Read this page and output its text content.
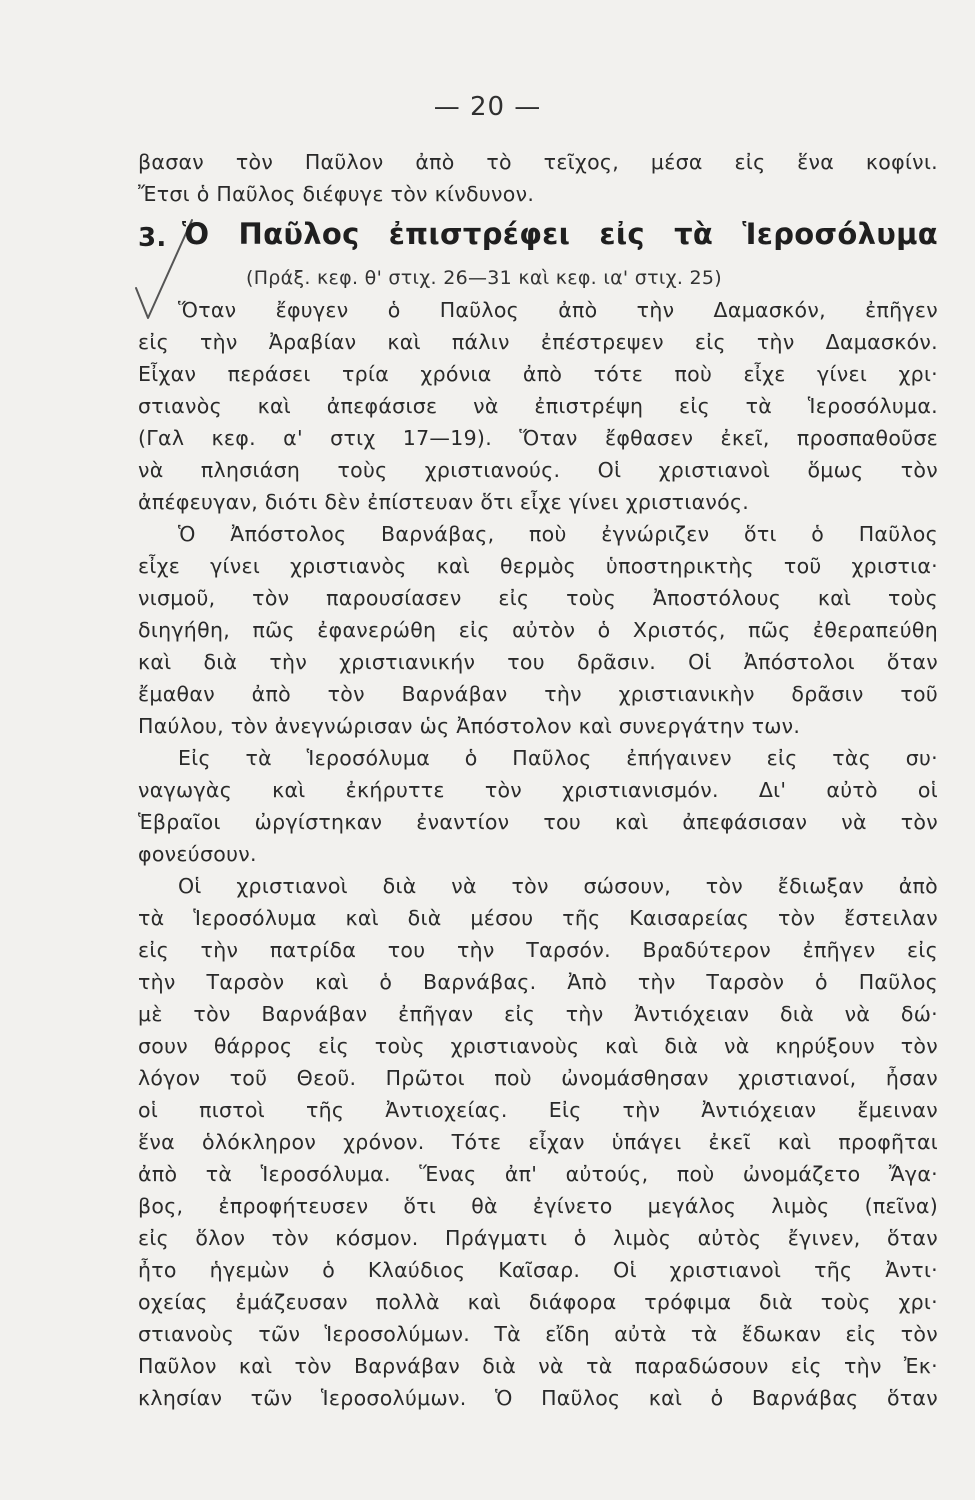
— 20 —
βασαν τὸν Παῦλον ἀπὸ τὸ τεῖχος, μέσα εἰς ἕνα κοφίνι.
Ἔτσι ὁ Παῦλος διέφυγε τὸν κίνδυνον.
3. Ὁ Παῦλος ἐπιστρέφει εἰς τὰ Ἱεροσόλυμα
(Πράξ. κεφ. θ' στιχ. 26—31 καὶ κεφ. ια' στιχ. 25)
Ὅταν ἔφυγεν ὁ Παῦλος ἀπὸ τὴν Δαμασκόν, ἐπῆγεν
εἰς τὴν Ἀραβίαν καὶ πάλιν ἐπέστρεψεν εἰς τὴν Δαμασκόν.
Εἶχαν περάσει τρία χρόνια ἀπὸ τότε ποὺ εἶχε γίνει χρι·
στιανὸς καὶ ἀπεφάσισε νὰ ἐπιστρέψη εἰς τὰ Ἱεροσόλυμα.
(Γαλ κεφ. α' στιχ 17—19). Ὅταν ἔφθασεν ἐκεῖ, προσπαθοῦσε
νὰ πλησιάση τοὺς χριστιανούς. Οἱ χριστιανοὶ ὅμως τὸν
ἀπέφευγαν, διότι δὲν ἐπίστευαν ὅτι εἶχε γίνει χριστιανός.
Ὁ Ἀπόστολος Βαρνάβας, ποὺ ἐγνώριζεν ὅτι ὁ Παῦλος
εἶχε γίνει χριστιανὸς καὶ θερμὸς ὑποστηρικτὴς τοῦ χριστια·
νισμοῦ, τὸν παρουσίασεν εἰς τοὺς Ἀποστόλους καὶ τοὺς
διηγήθη, πῶς ἐφανερώθη εἰς αὐτὸν ὁ Χριστός, πῶς ἐθεραπεύθη
καὶ διὰ τὴν χριστιανικήν του δρᾶσιν. Οἱ Ἀπόστολοι ὅταν
ἔμαθαν ἀπὸ τὸν Βαρνάβαν τὴν χριστιανικὴν δρᾶσιν τοῦ
Παύλου, τὸν ἀνεγνώρισαν ὡς Ἀπόστολον καὶ συνεργάτην των.
Εἰς τὰ Ἱεροσόλυμα ὁ Παῦλος ἐπήγαινεν εἰς τὰς συ·
ναγωγὰς καὶ ἐκήρυττε τὸν χριστιανισμόν. Δι' αὐτὸ οἱ
Ἑβραῖοι ὠργίστηκαν ἐναντίον του καὶ ἀπεφάσισαν νὰ τὸν
φονεύσουν.
Οἱ χριστιανοὶ διὰ νὰ τὸν σώσουν, τὸν ἔδιωξαν ἀπὸ
τὰ Ἱεροσόλυμα καὶ διὰ μέσου τῆς Καισαρείας τὸν ἔστειλαν
εἰς τὴν πατρίδα του τὴν Ταρσόν. Βραδύτερον ἐπῆγεν εἰς
τὴν Ταρσὸν καὶ ὁ Βαρνάβας. Ἀπὸ τὴν Ταρσὸν ὁ Παῦλος
μὲ τὸν Βαρνάβαν ἐπῆγαν εἰς τὴν Ἀντιόχειαν διὰ νὰ δώ·
σουν θάρρος εἰς τοὺς χριστιανοὺς καὶ διὰ νὰ κηρύξουν τὸν
λόγον τοῦ Θεοῦ. Πρῶτοι ποὺ ὠνομάσθησαν χριστιανοί, ἦσαν
οἱ πιστοὶ τῆς Ἀντιοχείας. Εἰς τὴν Ἀντιόχειαν ἔμειναν
ἕνα ὁλόκληρον χρόνον. Τότε εἶχαν ὑπάγει ἐκεῖ καὶ προφῆται
ἀπὸ τὰ Ἱεροσόλυμα. Ἕνας ἀπ' αὐτούς, ποὺ ὠνομάζετο Ἄγα·
βος, ἐπροφήτευσεν ὅτι θὰ ἐγίνετο μεγάλος λιμὸς (πεῖνα)
εἰς ὅλον τὸν κόσμον. Πράγματι ὁ λιμὸς αὐτὸς ἔγινεν, ὅταν
ἦτο ἡγεμὼν ὁ Κλαύδιος Καῖσαρ. Οἱ χριστιανοὶ τῆς Ἀντι·
οχείας ἐμάζευσαν πολλὰ καὶ διάφορα τρόφιμα διὰ τοὺς χρι·
στιανοὺς τῶν Ἱεροσολύμων. Τὰ εἴδη αὐτὰ τὰ ἔδωκαν εἰς τὸν
Παῦλον καὶ τὸν Βαρνάβαν διὰ νὰ τὰ παραδώσουν εἰς τὴν Ἐκ·
κλησίαν τῶν Ἱεροσολύμων. Ὁ Παῦλος καὶ ὁ Βαρνάβας ὅταν
